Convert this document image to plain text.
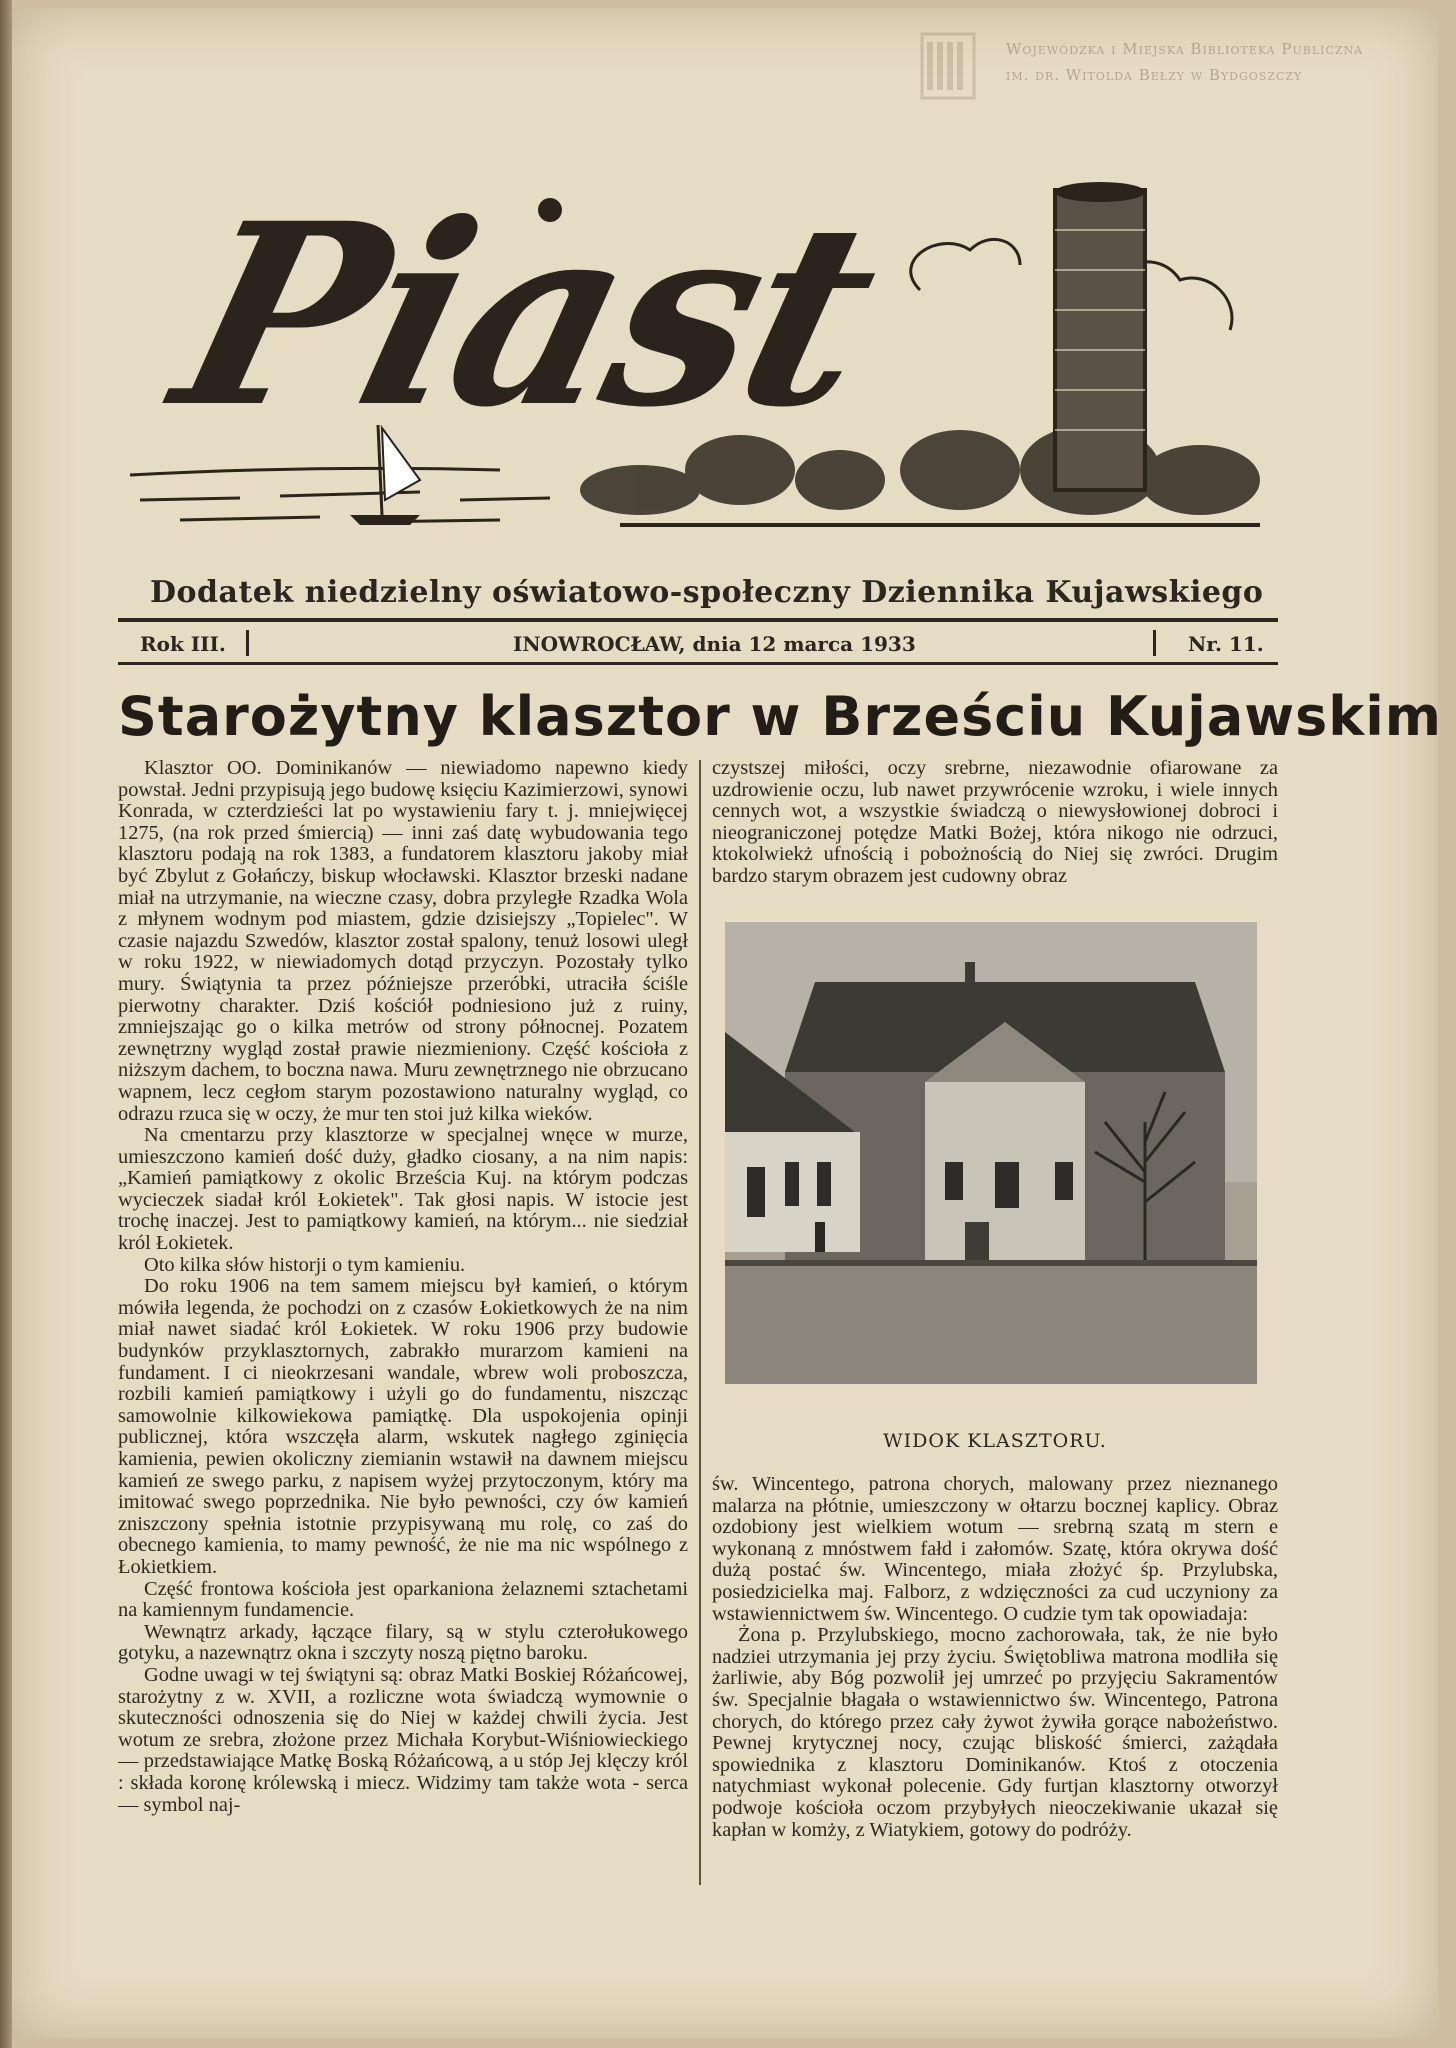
Wojewódzka i Miejska Biblioteka Publiczna
im. dr. Witolda Bełzy w Bydgoszczy
Piast
Dodatek niedzielny oświatowo-społeczny Dziennika Kujawskiego
Rok III.	INOWROCŁAW, dnia 12 marca 1933	Nr. 11.
Starożytny klasztor w Brześciu Kujawskim

Klasztor OO. Dominikanów — niewiadomo napewno kiedy powstał. Jedni przypisują jego budowę księciu Kazimierzowi, synowi Konrada, w czterdzieści lat po wystawieniu fary t. j. mniejwięcej 1275, (na rok przed śmiercią) — inni zaś datę wybudowania tego klasztoru podają na rok 1383, a fundatorem klasztoru jakoby miał być Zbylut z Gołańczy, biskup włocławski. Klasztor brzeski nadane miał na utrzymanie, na wieczne czasy, dobra przyległe Rzadka Wola z młynem wodnym pod miastem, gdzie dzisiejszy „Topielec". W czasie najazdu Szwedów, klasztor został spalony, tenuż losowi uległ w roku 1922, w niewiadomych dotąd przyczyn. Pozostały tylko mury. Świątynia ta przez późniejsze przeróbki, utraciła ściśle pierwotny charakter. Dziś kościół podniesiono już z ruiny, zmniejszając go o kilka metrów od strony północnej. Pozatem zewnętrzny wygląd został prawie niezmieniony. Część kościoła z niższym dachem, to boczna nawa. Muru zewnętrznego nie obrzucano wapnem, lecz cegłom starym pozostawiono naturalny wygląd, co odrazu rzuca się w oczy, że mur ten stoi już kilka wieków.

Na cmentarzu przy klasztorze w specjalnej wnęce w murze, umieszczono kamień dość duży, gładko ciosany, a na nim napis: „Kamień pamiątkowy z okolic Brześcia Kuj. na którym podczas wycieczek siadał król Łokietek". Tak głosi napis. W istocie jest trochę inaczej. Jest to pamiątkowy kamień, na którym... nie siedział król Łokietek.

Oto kilka słów historji o tym kamieniu.

Do roku 1906 na tem samem miejscu był kamień, o którym mówiła legenda, że pochodzi on z czasów Łokietkowych że na nim miał nawet siadać król Łokietek. W roku 1906 przy budowie budynków przyklasztornych, zabrakło murarzom kamieni na fundament. I ci nieokrzesani wandale, wbrew woli proboszcza, rozbili kamień pamiątkowy i użyli go do fundamentu, niszcząc samowolnie kilkowiekowa pamiątkę. Dla uspokojenia opinji publicznej, która wszczęła alarm, wskutek nagłego zginięcia kamienia, pewien okoliczny ziemianin wstawił na dawnem miejscu kamień ze swego parku, z napisem wyżej przytoczonym, który ma imitować swego poprzednika. Nie było pewności, czy ów kamień zniszczony spełnia istotnie przypisywaną mu rolę, co zaś do obecnego kamienia, to mamy pewność, że nie ma nic wspólnego z Łokietkiem.

Część frontowa kościoła jest oparkaniona żelaznemi sztachetami na kamiennym fundamencie.

Wewnątrz arkady, łączące filary, są w stylu czterołukowego gotyku, a nazewnątrz okna i szczyty noszą piętno baroku.

Godne uwagi w tej świątyni są: obraz Matki Boskiej Różańcowej, starożytny z w. XVII, a rozliczne wota świadczą wymownie o skuteczności odnoszenia się do Niej w każdej chwili życia. Jest wotum ze srebra, złożone przez Michała Korybut-Wiśniowieckiego — przedstawiające Matkę Boską Różańcową, a u stóp Jej klęczy król : składa koronę królewską i miecz. Widzimy tam także wota - serca — symbol naj-

czystszej miłości, oczy srebrne, niezawodnie ofiarowane za uzdrowienie oczu, lub nawet przywrócenie wzroku, i wiele innych cennych wot, a wszystkie świadczą o niewysłowionej dobroci i nieograniczonej potędze Matki Bożej, która nikogo nie odrzuci, ktokolwiekż ufnością i pobożnością do Niej się zwróci. Drugim bardzo starym obrazem jest cudowny obraz

WIDOK KLASZTORU.

św. Wincentego, patrona chorych, malowany przez nieznanego malarza na płótnie, umieszczony w ołtarzu bocznej kaplicy. Obraz ozdobiony jest wielkiem wotum — srebrną szatą m stern e wykonaną z mnóstwem fałd i załomów. Szatę, która okrywa dość dużą postać św. Wincentego, miała złożyć śp. Przylubska, posiedzicielka maj. Falborz, z wdzięczności za cud uczyniony za wstawiennictwem św. Wincentego. O cudzie tym tak opowiadaja:

Żona p. Przylubskiego, mocno zachorowała, tak, że nie było nadziei utrzymania jej przy życiu. Świętobliwa matrona modliła się żarliwie, aby Bóg pozwolił jej umrzeć po przyjęciu Sakramentów św. Specjalnie błagała o wstawiennictwo św. Wincentego, Patrona chorych, do którego przez cały żywot żywiła gorące nabożeństwo. Pewnej krytycznej nocy, czując bliskość śmierci, zażądała spowiednika z klasztoru Dominikanów. Ktoś z otoczenia natychmiast wykonał polecenie. Gdy furtjan klasztorny otworzył podwoje kościoła oczom przybyłych nieoczekiwanie ukazał się kapłan w komży, z Wiatykiem, gotowy do podróży.
